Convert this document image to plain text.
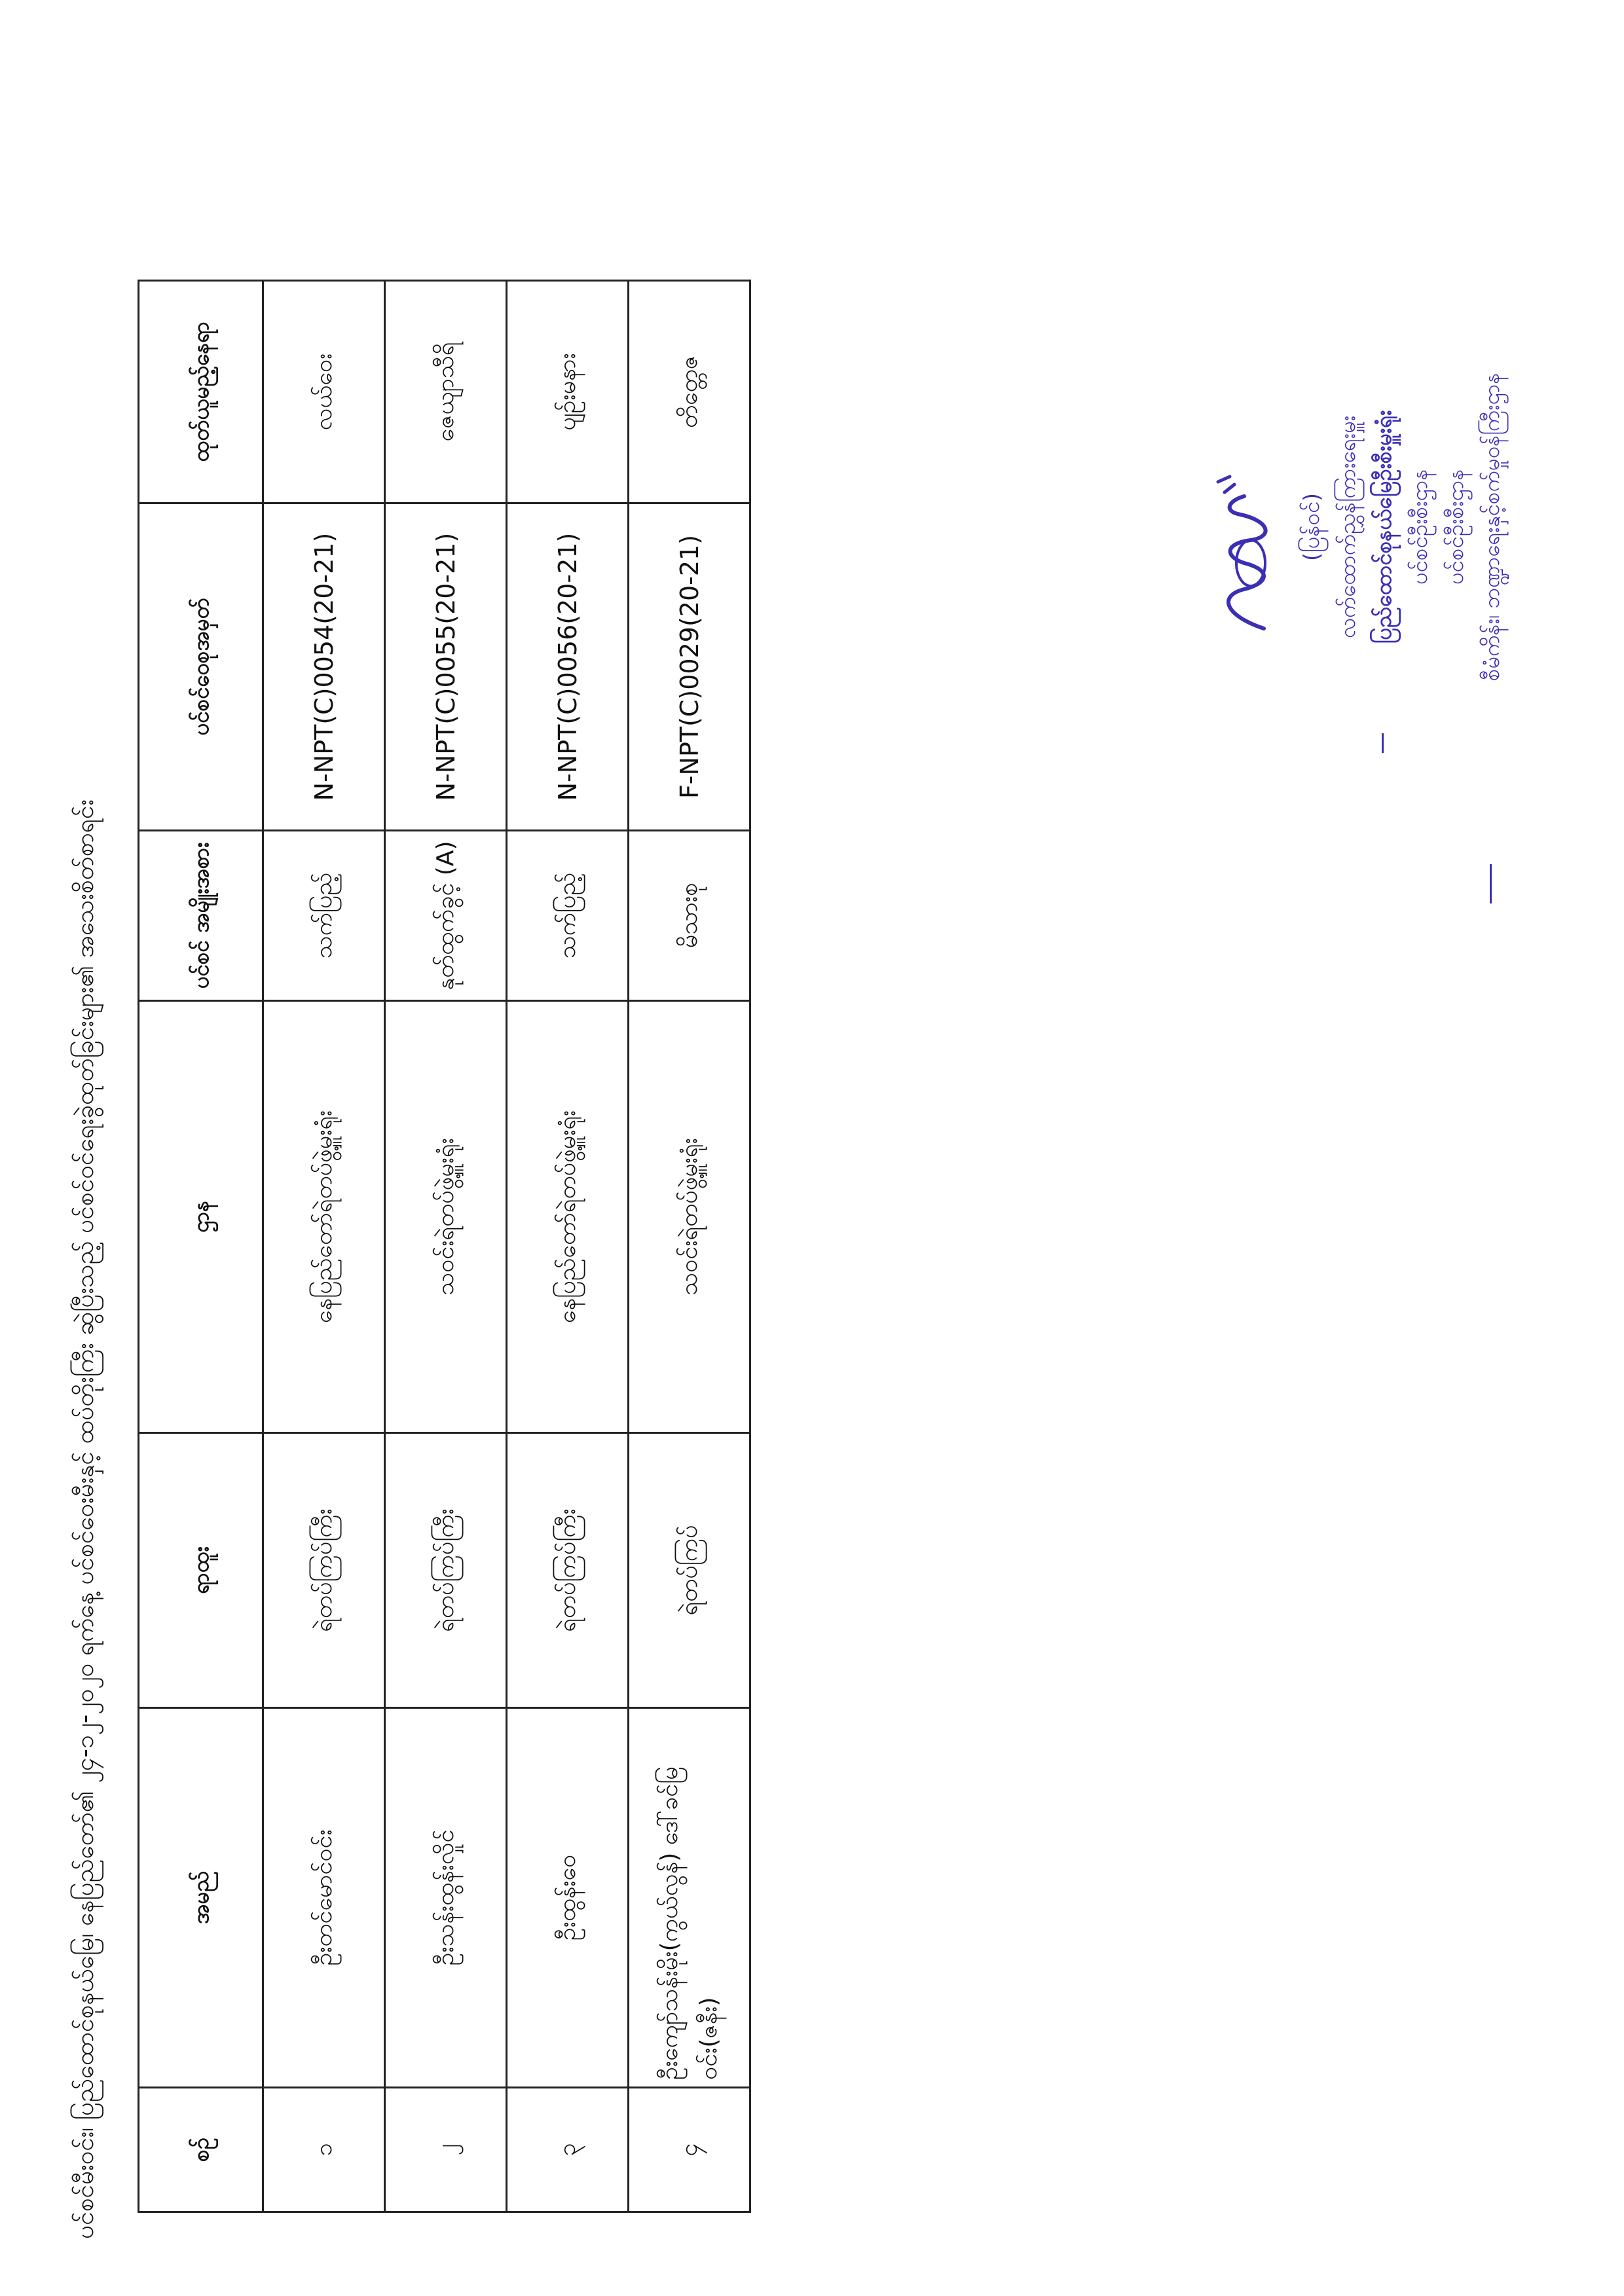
ပင်စင်မီးဝင်း၊ ပြည်ထောင်စုနယ်မြေ၊ နေပြည်တော်၏ ၂၄-၁၂-၂၀၂၀ ရက်နေ့ ပင်စင်ဝေးမီးနှင့် ထပ်တိုးကြီး ဆွဲပြီးသည့် ပင်စင်ဝင်ရေးခွဲထုတ်ခြင်းများ၏ အသေးစိတ်စာရင်း	စဉ်	အမည်	ရာထူး	ဌာန	ပင်စင် အမျိုးအစား	ပင်စင်ဝေစုအမှတ်	ထုတ်ယူမည့်နေရာ
၁	ဦးတင်မောင်ဝင်း	ရဲတပ်ကြပ်ကြီး	နေပြည်တော်ရဲတပ်ဖွဲ့မှူးရုံး	သက်ပြည့်	N-NPT(C)0054(20-21)	လယ်ဝေး
၂	ဦးသန်းထွန်းလှိုင်	ရဲတပ်ကြပ်ကြီး	သဝင်းရဲတပ်ဖွဲ့မှူးရုံး	နုတ်ထွက်ခွင့် (A)	N-NPT(C)0055(20-21)	ဇေယျာသီရိ
၃	ဦးထွန်းဝေ	ရဲတပ်ကြပ်ကြီး	နေပြည်တော်ရဲတပ်ဖွဲ့မှူးရုံး	သက်ပြည့်	N-NPT(C)0056(20-21)	ပျဉ်းမနား
၄	ဦးကျော်သန်းမိုး(ကွယ်လွန်) ဒေါ်ခင်မြဝင်း(ဇနီး)	ရဲတပ်ကြပ်	သဝင်းရဲတပ်ဖွဲ့မှူးရုံး	မိသားစု	F-NPT(C)0029(20-21)	တိတ္တေဇ
(ပြန်ဝင်) လက်ထောက်ညွှန်ကြားရေးမှူး ပြည်ထောင်စုနယ်မြေဦးစီးမှူးရုံး ပင်စင်ဦးစီးဌာန ပင်စင်ဦးစီးဌာန စီမံကိန်း၊ ဘဏ္ဍာရေးနှင့်စက်မှုဝန်ကြီးဌာန
